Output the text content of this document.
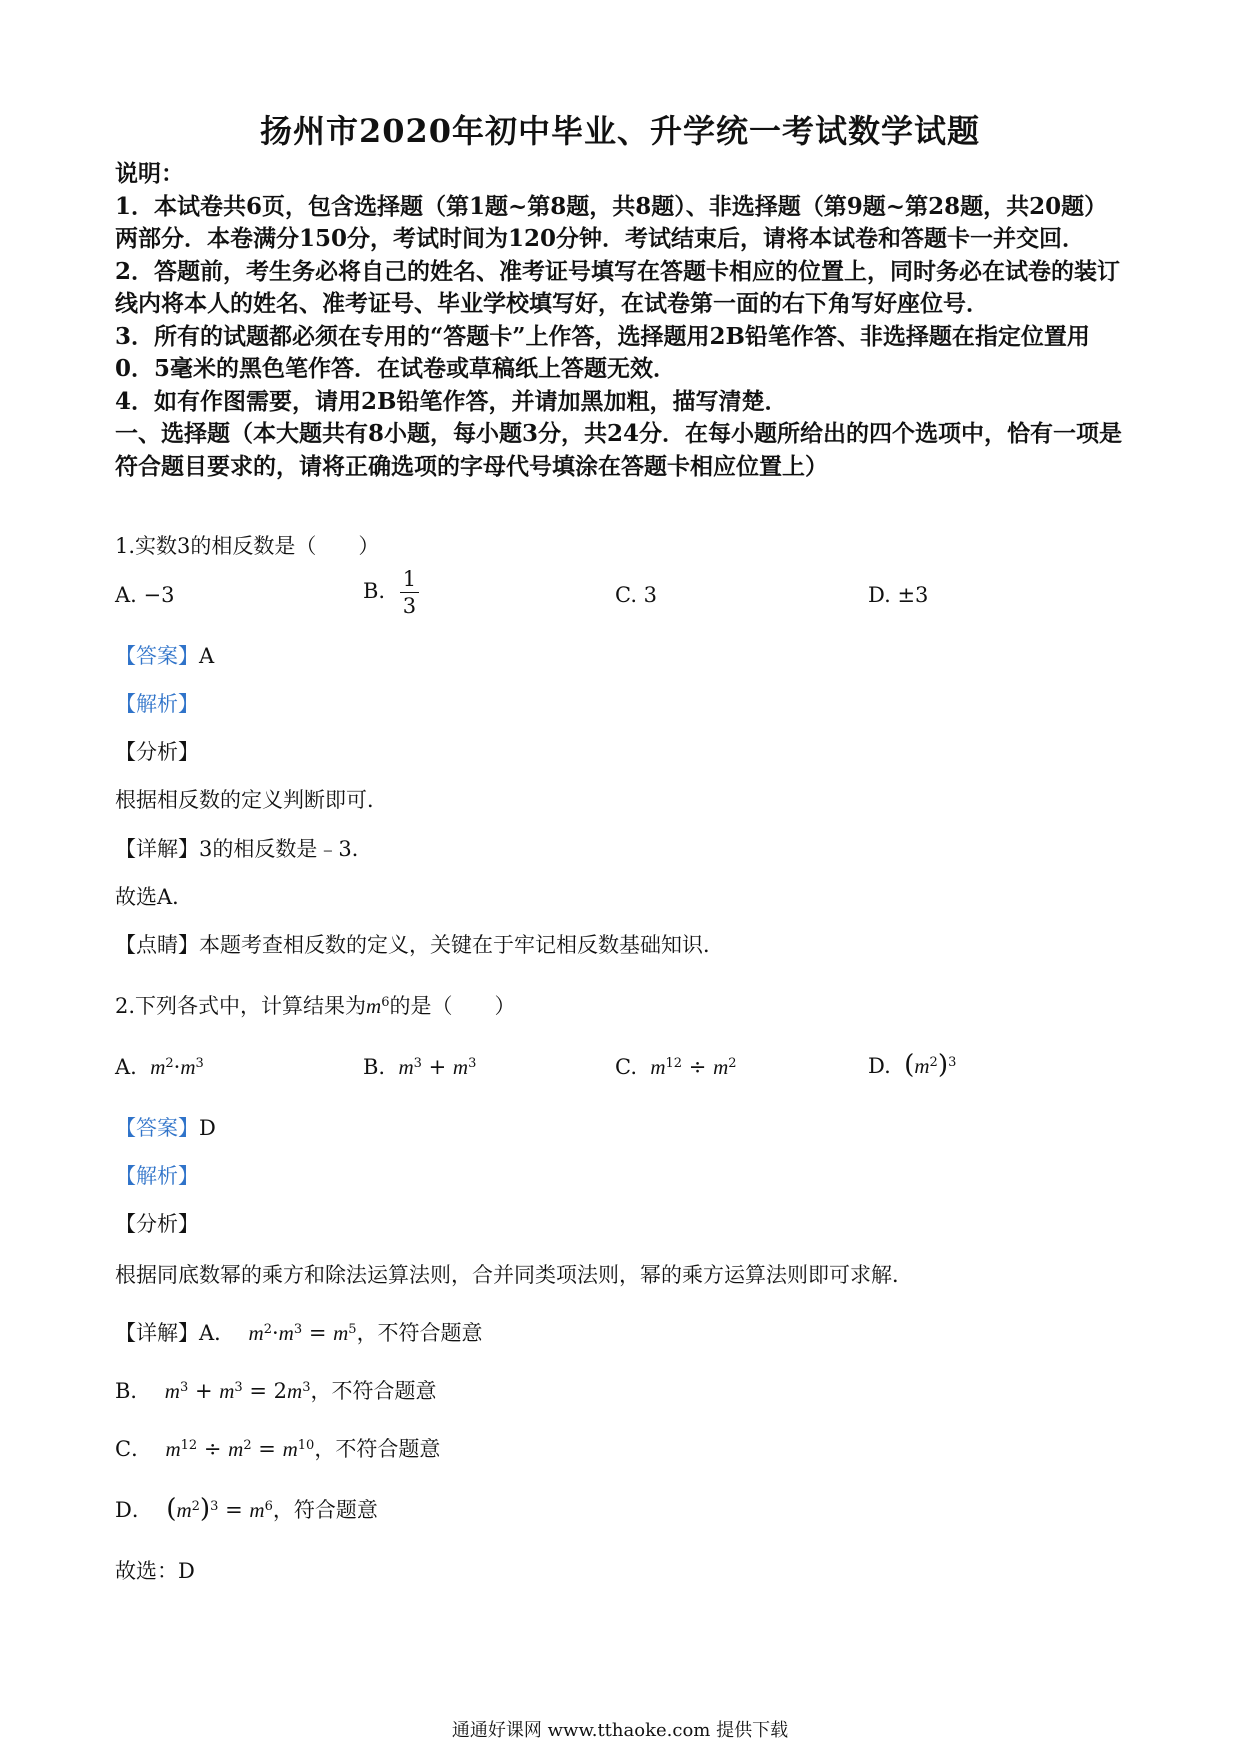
扬州市2020年初中毕业、升学统一考试数学试题

说明：

1．本试卷共6页，包含选择题（第1题~第8题，共8题）、非选择题（第9题~第28题，共20题）两部分．本卷满分150分，考试时间为120分钟．考试结束后，请将本试卷和答题卡一并交回．

2．答题前，考生务必将自己的姓名、准考证号填写在答题卡相应的位置上，同时务必在试卷的装订线内将本人的姓名、准考证号、毕业学校填写好，在试卷第一面的右下角写好座位号．

3．所有的试题都必须在专用的“答题卡”上作答，选择题用2B铅笔作答、非选择题在指定位置用0．5毫米的黑色笔作答．在试卷或草稿纸上答题无效．

4．如有作图需要，请用2B铅笔作答，并请加黑加粗，描写清楚．

一、选择题（本大题共有8小题，每小题3分，共24分．在每小题所给出的四个选项中，恰有一项是符合题目要求的，请将正确选项的字母代号填涂在答题卡相应位置上）

1.实数3的相反数是（　　）
A. −3	B. $\frac{1}{3}$	C. 3	D. ±3
【答案】A
【解析】
【分析】
根据相反数的定义判断即可．
【详解】3的相反数是﹣3．
故选A．
【点睛】本题考查相反数的定义，关键在于牢记相反数基础知识．
2.下列各式中，计算结果为$m^6$的是（　　）
A. $m^2\cdot m^3$	B. $m^3 + m^3$	C. $m^{12} \div m^2$	D. $(m^2)^3$
【答案】D
【解析】
【分析】
根据同底数幂的乘方和除法运算法则，合并同类项法则，幂的乘方运算法则即可求解．
【详解】A． $m^2\cdot m^3 = m^5$，不符合题意
B． $m^3 + m^3 = 2m^3$，不符合题意
C． $m^{12} \div m^2 = m^{10}$，不符合题意
D． $(m^2)^3 = m^6$，符合题意
故选：D
通通好课网 www.tthaoke.com 提供下载
